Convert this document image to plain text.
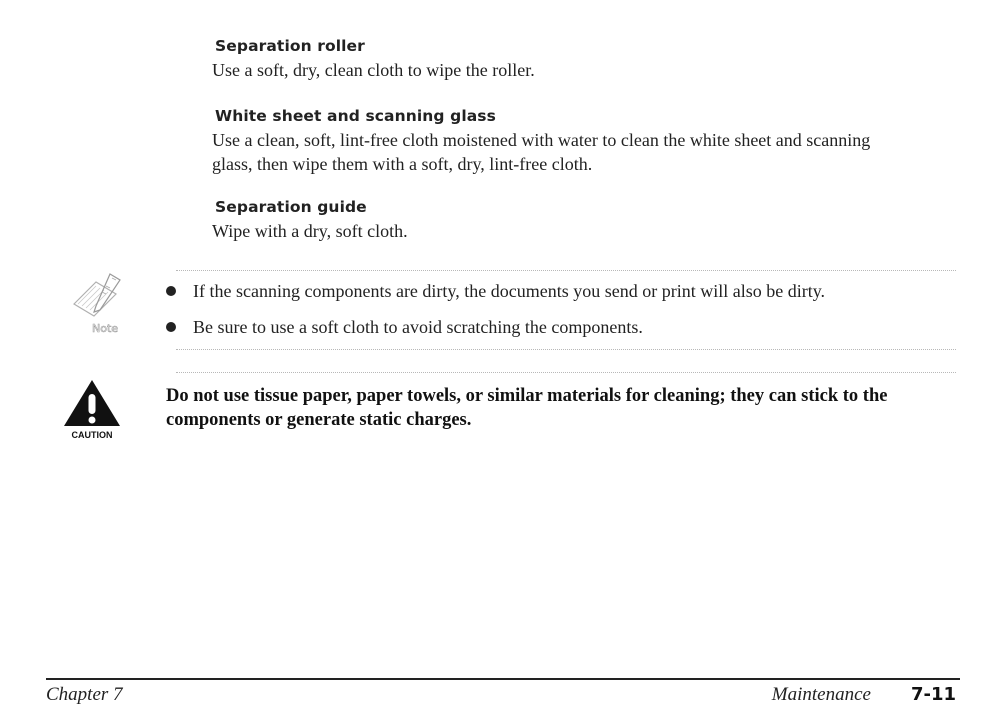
Separation roller
Use a soft, dry, clean cloth to wipe the roller.
White sheet and scanning glass
Use a clean, soft, lint-free cloth moistened with water to clean the white sheet and scanning glass, then wipe them with a soft, dry, lint-free cloth.
Separation guide
Wipe with a dry, soft cloth.
Note
If the scanning components are dirty, the documents you send or print will also be dirty.
Be sure to use a soft cloth to avoid scratching the components.
CAUTION
Do not use tissue paper, paper towels, or similar materials for cleaning; they can stick to the components or generate static charges.
Chapter 7	Maintenance 7-11
